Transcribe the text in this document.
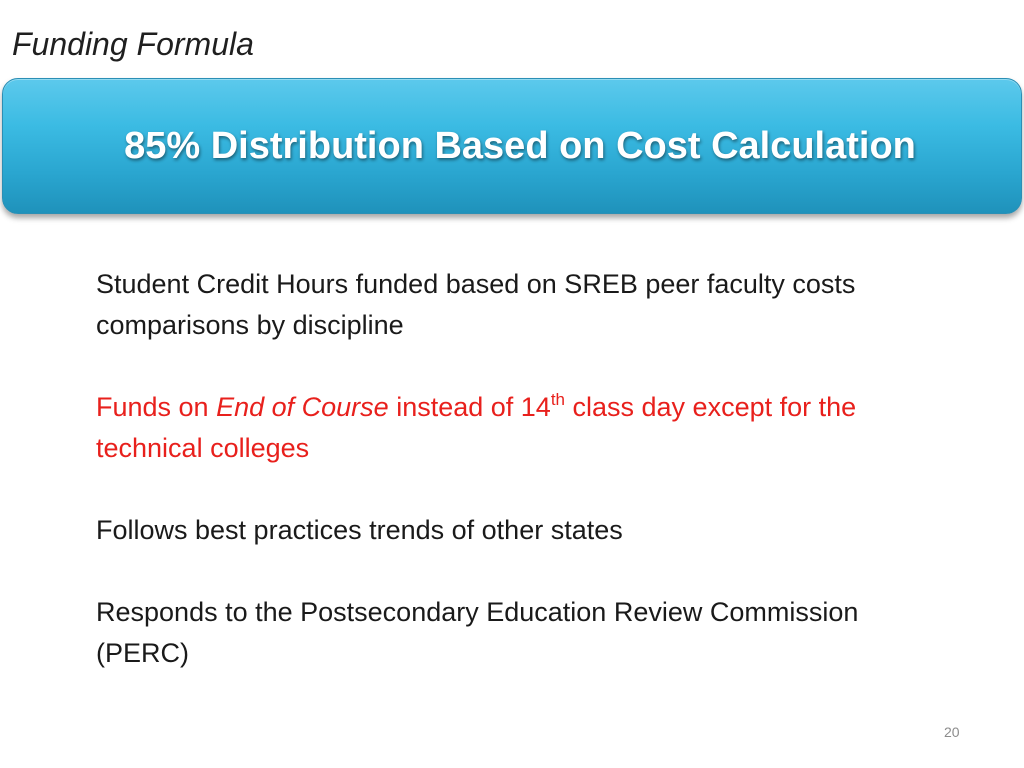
Funding Formula
85% Distribution Based on Cost Calculation

Student Credit Hours funded based on SREB peer faculty costs comparisons by discipline

Funds on End of Course instead of 14th class day except for the technical colleges

Follows best practices trends of other states

Responds to the Postsecondary Education Review Commission (PERC)

20
